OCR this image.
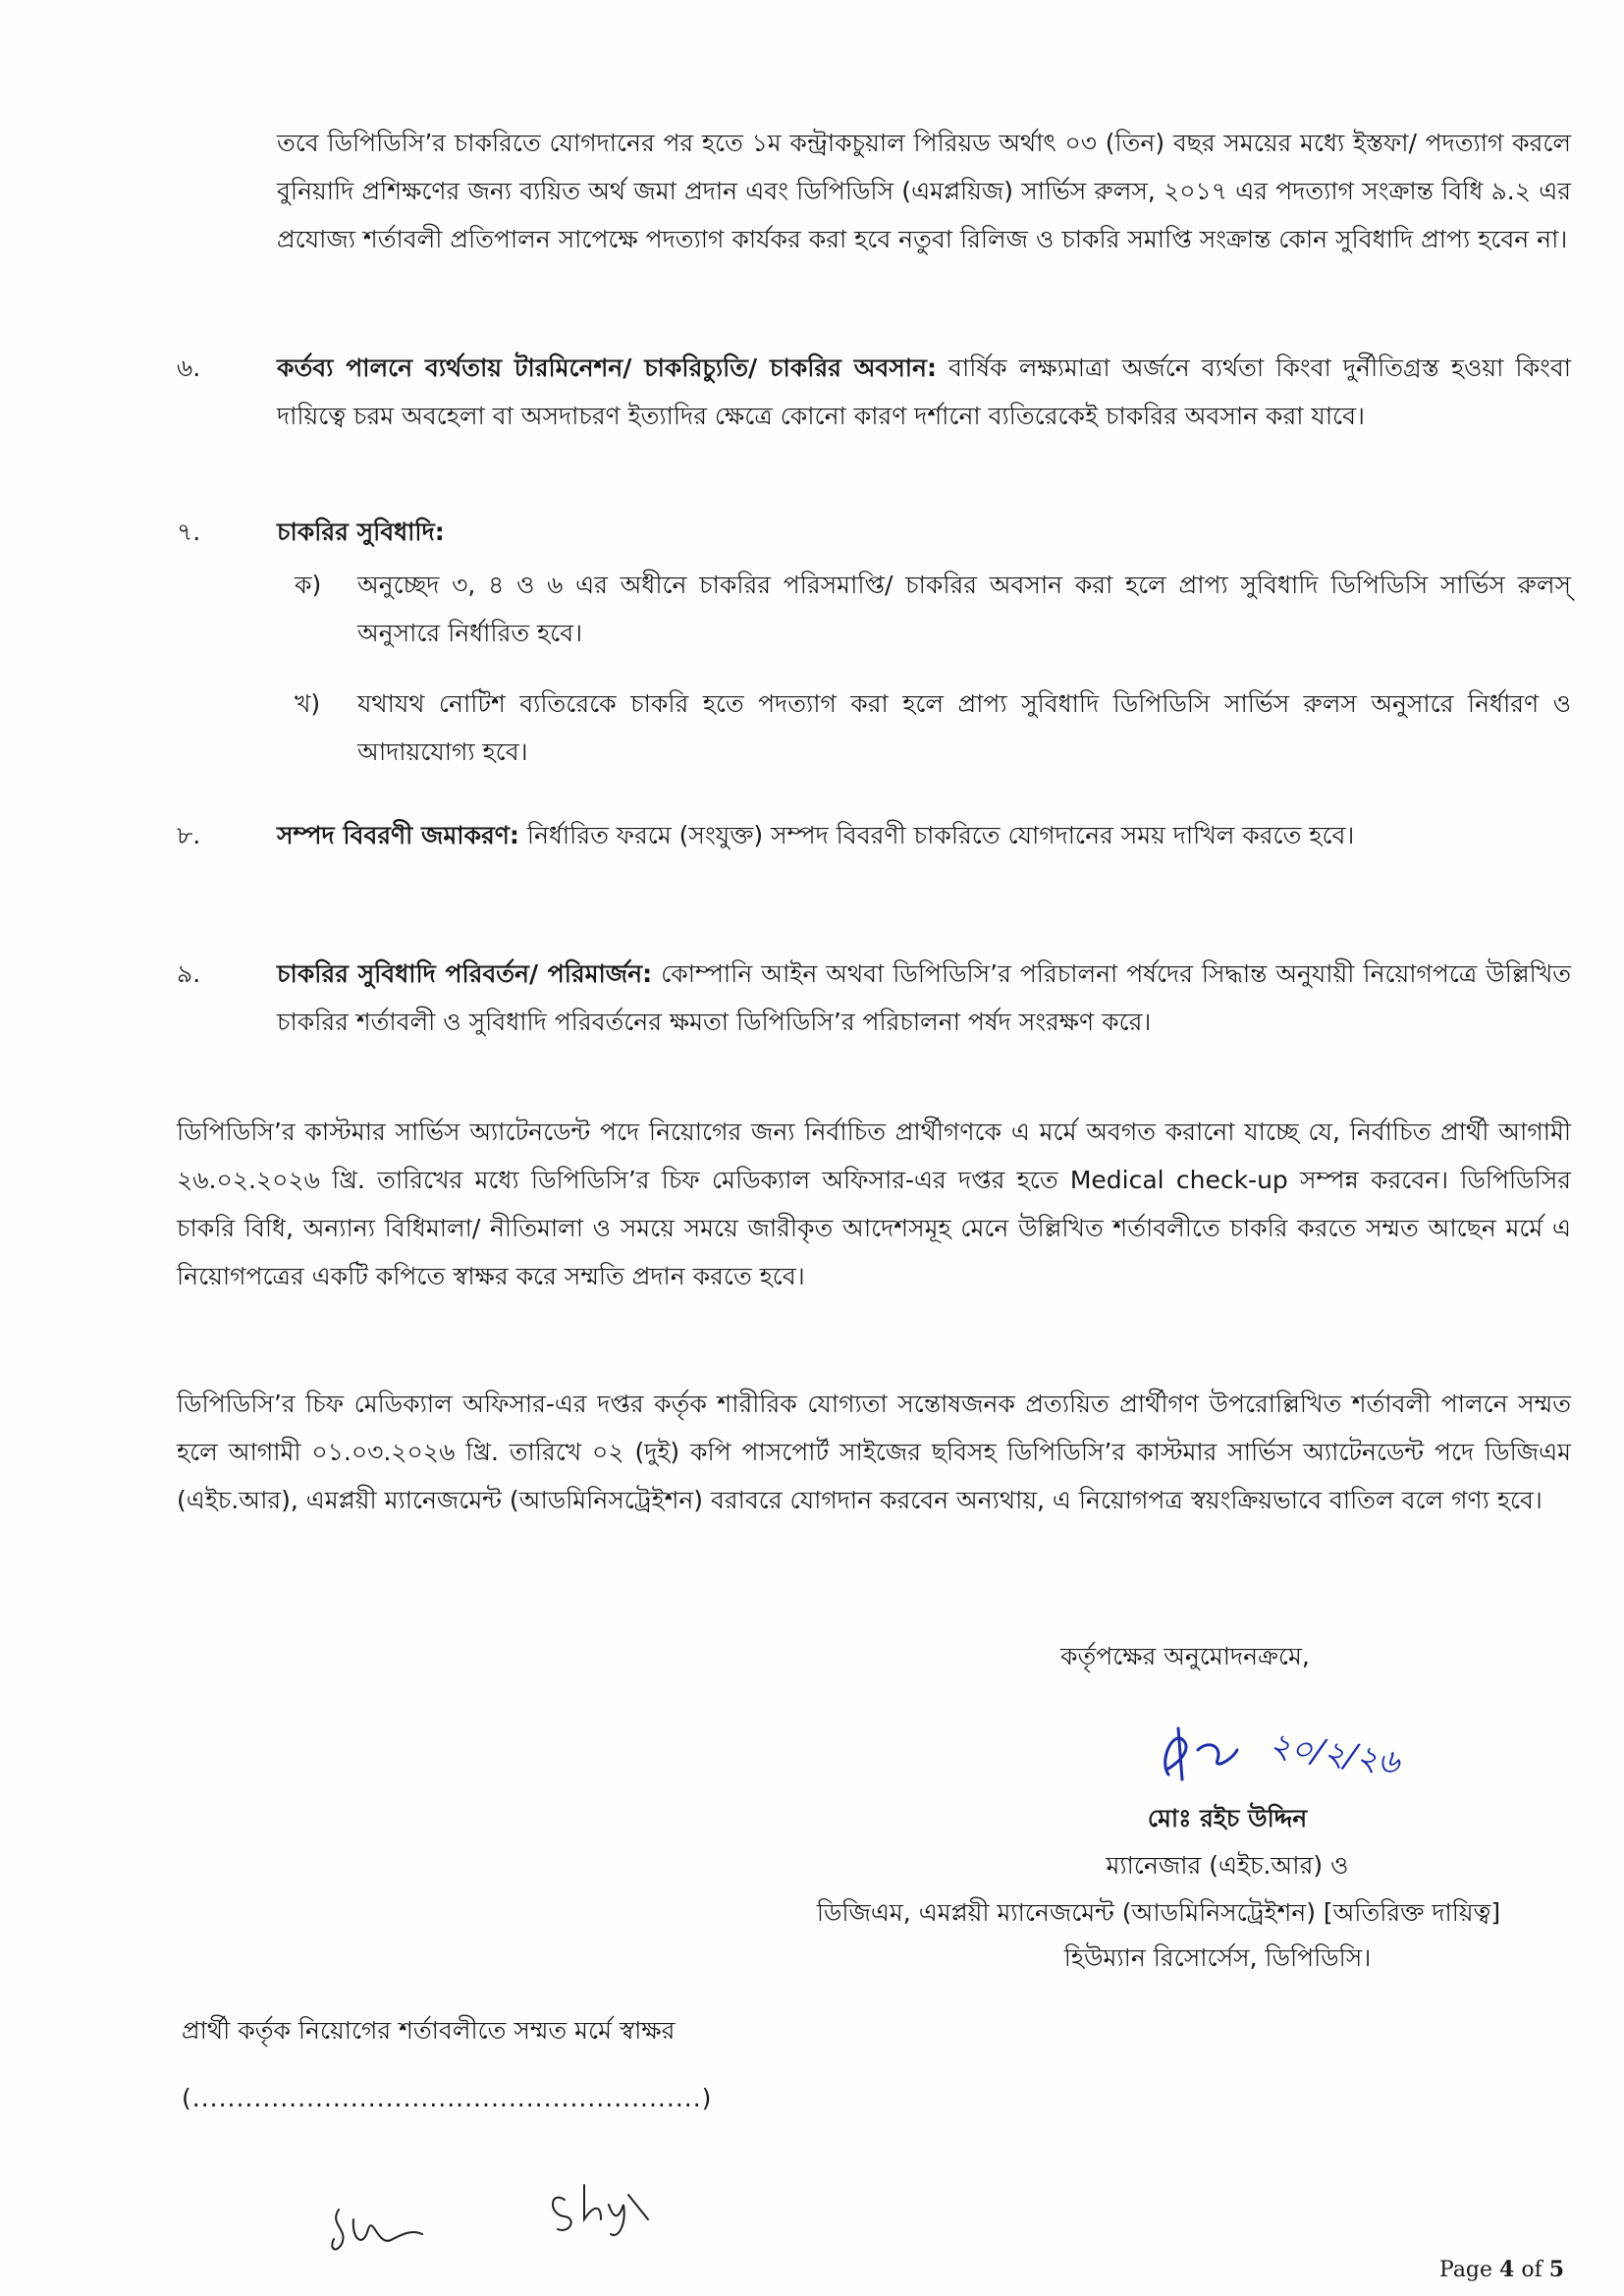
তবে ডিপিডিসি’র চাকরিতে যোগদানের পর হতে ১ম কন্ট্রাকচুয়াল পিরিয়ড অর্থাৎ ০৩ (তিন) বছর সময়ের মধ্যে ইস্তফা/ পদত্যাগ করলে বুনিয়াদি প্রশিক্ষণের জন্য ব্যয়িত অর্থ জমা প্রদান এবং ডিপিডিসি (এমপ্লয়িজ) সার্ভিস রুলস, ২০১৭ এর পদত্যাগ সংক্রান্ত বিধি ৯.২ এর প্রযোজ্য শর্তাবলী প্রতিপালন সাপেক্ষে পদত্যাগ কার্যকর করা হবে নতুবা রিলিজ ও চাকরি সমাপ্তি সংক্রান্ত কোন সুবিধাদি প্রাপ্য হবেন না।
৬.	কর্তব্য পালনে ব্যর্থতায় টারমিনেশন/ চাকরিচ্যুতি/ চাকরির অবসান: বার্ষিক লক্ষ্যমাত্রা অর্জনে ব্যর্থতা কিংবা দুর্নীতিগ্রস্ত হওয়া কিংবা দায়িত্বে চরম অবহেলা বা অসদাচরণ ইত্যাদির ক্ষেত্রে কোনো কারণ দর্শানো ব্যতিরেকেই চাকরির অবসান করা যাবে।
৭.	চাকরির সুবিধাদি:
ক) অনুচ্ছেদ ৩, ৪ ও ৬ এর অধীনে চাকরির পরিসমাপ্তি/ চাকরির অবসান করা হলে প্রাপ্য সুবিধাদি ডিপিডিসি সার্ভিস রুলস্ অনুসারে নির্ধারিত হবে।
খ) যথাযথ নোটিশ ব্যতিরেকে চাকরি হতে পদত্যাগ করা হলে প্রাপ্য সুবিধাদি ডিপিডিসি সার্ভিস রুলস অনুসারে নির্ধারণ ও আদায়যোগ্য হবে।
৮.	সম্পদ বিবরণী জমাকরণ: নির্ধারিত ফরমে (সংযুক্ত) সম্পদ বিবরণী চাকরিতে যোগদানের সময় দাখিল করতে হবে।
৯.	চাকরির সুবিধাদি পরিবর্তন/ পরিমার্জন: কোম্পানি আইন অথবা ডিপিডিসি’র পরিচালনা পর্ষদের সিদ্ধান্ত অনুযায়ী নিয়োগপত্রে উল্লিখিত চাকরির শর্তাবলী ও সুবিধাদি পরিবর্তনের ক্ষমতা ডিপিডিসি’র পরিচালনা পর্ষদ সংরক্ষণ করে।
ডিপিডিসি’র কাস্টমার সার্ভিস অ্যাটেনডেন্ট পদে নিয়োগের জন্য নির্বাচিত প্রার্থীগণকে এ মর্মে অবগত করানো যাচ্ছে যে, নির্বাচিত প্রার্থী আগামী ২৬.০২.২০২৬ খ্রি. তারিখের মধ্যে ডিপিডিসি’র চিফ মেডিক্যাল অফিসার-এর দপ্তর হতে Medical check-up সম্পন্ন করবেন। ডিপিডিসির চাকরি বিধি, অন্যান্য বিধিমালা/ নীতিমালা ও সময়ে সময়ে জারীকৃত আদেশসমূহ মেনে উল্লিখিত শর্তাবলীতে চাকরি করতে সম্মত আছেন মর্মে এ নিয়োগপত্রের একটি কপিতে স্বাক্ষর করে সম্মতি প্রদান করতে হবে।
ডিপিডিসি’র চিফ মেডিক্যাল অফিসার-এর দপ্তর কর্তৃক শারীরিক যোগ্যতা সন্তোষজনক প্রত্যয়িত প্রার্থীগণ উপরোল্লিখিত শর্তাবলী পালনে সম্মত হলে আগামী ০১.০৩.২০২৬ খ্রি. তারিখে ০২ (দুই) কপি পাসপোর্ট সাইজের ছবিসহ ডিপিডিসি’র কাস্টমার সার্ভিস অ্যাটেনডেন্ট পদে ডিজিএম (এইচ.আর), এমপ্লয়ী ম্যানেজমেন্ট (আডমিনিসট্রেইশন) বরাবরে যোগদান করবেন অন্যথায়, এ নিয়োগপত্র স্বয়ংক্রিয়ভাবে বাতিল বলে গণ্য হবে।
কর্তৃপক্ষের অনুমোদনক্রমে,
২০/২/২৬
মোঃ রইচ উদ্দিন
ম্যানেজার (এইচ.আর) ও
ডিজিএম, এমপ্লয়ী ম্যানেজমেন্ট (আডমিনিসট্রেইশন) [অতিরিক্ত দায়িত্ব]
হিউম্যান রিসোর্সেস, ডিপিডিসি।
প্রার্থী কর্তৃক নিয়োগের শর্তাবলীতে সম্মত মর্মে স্বাক্ষর
(..........................................................)
Page 4 of 5
